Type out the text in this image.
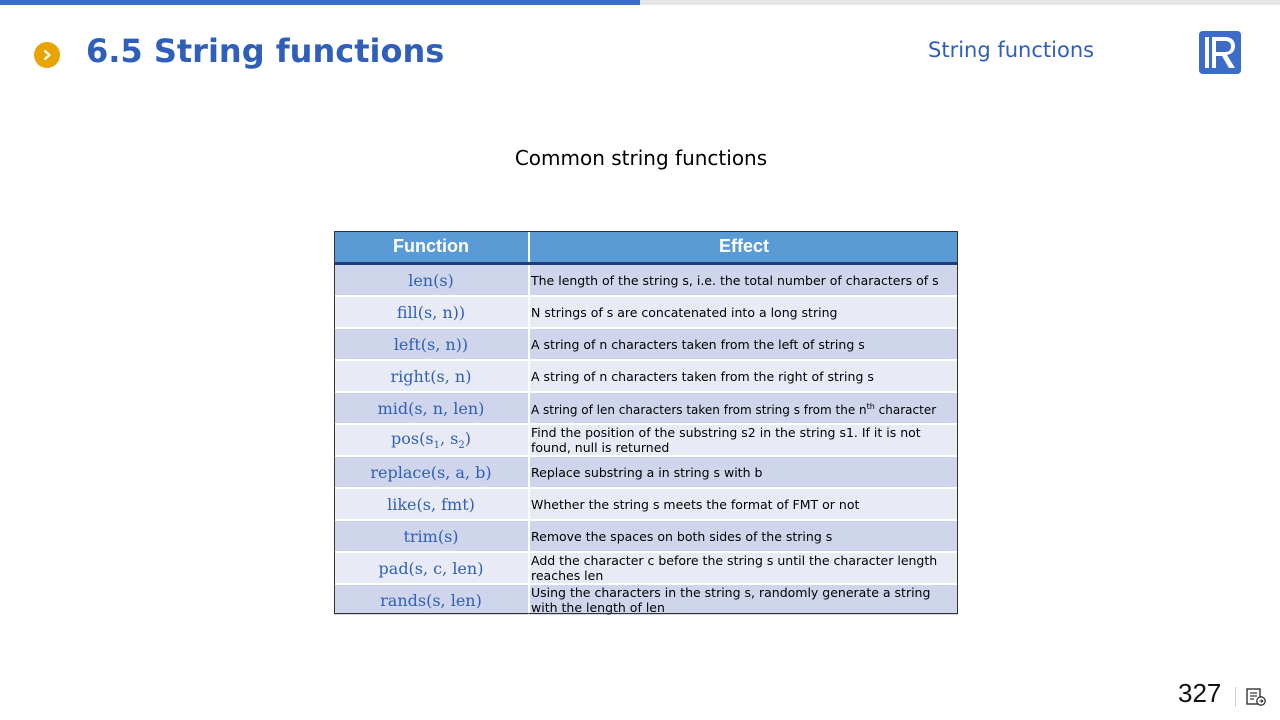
6.5 String functions	String functions
Common string functions
Function	Effect
len(s)	The length of the string s, i.e. the total number of characters of s
fill(s, n))	N strings of s are concatenated into a long string
left(s, n))	A string of n characters taken from the left of string s
right(s, n)	A string of n characters taken from the right of string s
mid(s, n, len)	A string of len characters taken from string s from the $n^{th}$ character
$pos(s_1$, $s_2$)	Find the position of the substring s2 in the string s1. If it is not found, null is returned

replace(s, a, b)	Replace substring a in string s with b
like(s, fmt)	Whether the string s meets the format of FMT or not
trim(s)	Remove the spaces on both sides of the string s
pad(s, c, len)	Add the character c before the string s until the character length reaches len

rands(s, len)	Using the characters in the string s, randomly generate a string with the length of len
327
